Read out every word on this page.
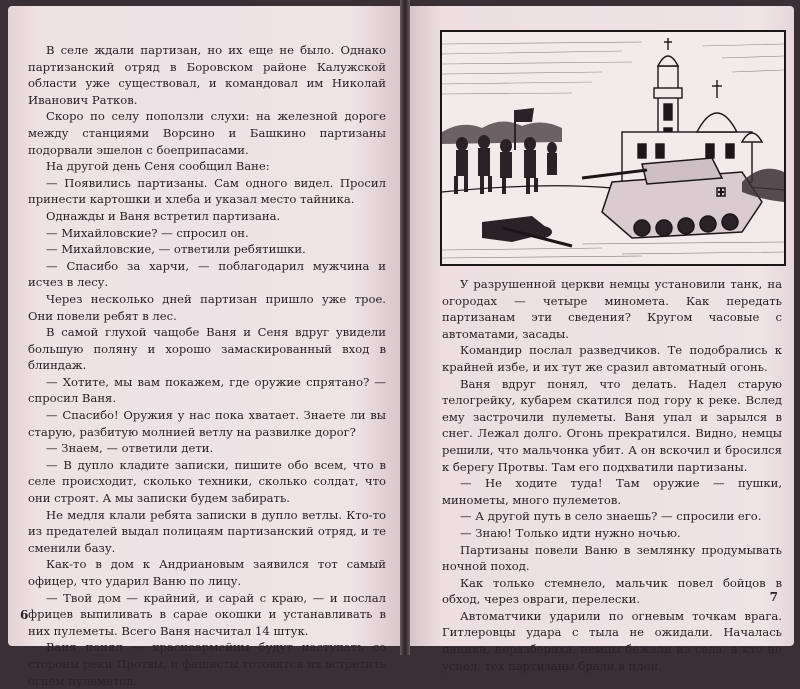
В селе ждали партизан, но их еще не было. Однако партизанский отряд в Боровском районе Калужской области уже существовал, и командовал им Николай Иванович Ратков.

Скоро по селу поползли слухи: на железной дороге между станциями Ворсино и Башкино партизаны подорвали эшелон с боеприпасами.

На другой день Сеня сообщил Ване:

— Появились партизаны. Сам одного видел. Просил принести картошки и хлеба и указал место тайника.

Однажды и Ваня встретил партизана.

— Михайловские? — спросил он.

— Михайловские, — ответили ребятишки.

— Спасибо за харчи, — поблагодарил мужчина и исчез в лесу.

Через несколько дней партизан пришло уже трое. Они повели ребят в лес.

В самой глухой чащобе Ваня и Сеня вдруг увидели большую поляну и хорошо замаскированный вход в блиндаж.

— Хотите, мы вам покажем, где оружие спрятано? — спросил Ваня.

— Спасибо! Оружия у нас пока хватает. Знаете ли вы старую, разбитую молнией ветлу на развилке дорог?

— Знаем, — ответили дети.

— В дупло кладите записки, пишите обо всем, что в селе происходит, сколько техники, сколько солдат, что они строят. А мы записки будем забирать.

Не медля клали ребята записки в дупло ветлы. Кто-то из предателей выдал полицаям партизанский отряд, и те сменили базу.

Как-то в дом к Андриановым заявился тот самый офицер, что ударил Ваню по лицу.

— Твой дом — крайний, и сарай с краю, — и послал фрицев выпиливать в сарае окошки и устанавливать в них пулеметы. Всего Ваня насчитал 14 штук.

Ваня понял — красноармейцы будут наступать со стороны реки Протвы, и фашисты готовятся их встретить огнем пулеметов.

6

У разрушенной церкви немцы установили танк, на огородах — четыре миномета. Как передать партизанам эти сведения? Кругом часовые с автоматами, засады.

Командир послал разведчиков. Те подобрались к крайней избе, и их тут же сразил автоматный огонь.

Ваня вдруг понял, что делать. Надел старую телогрейку, кубарем скатился под гору к реке. Вслед ему застрочили пулеметы. Ваня упал и зарылся в снег. Лежал долго. Огонь прекратился. Видно, немцы решили, что мальчонка убит. А он вскочил и бросился к берегу Протвы. Там его подхватили партизаны.

— Не ходите туда! Там оружие — пушки, минометы, много пулеметов.

— А другой путь в село знаешь? — спросили его.

— Знаю! Только идти нужно ночью.

Партизаны повели Ваню в землянку продумывать ночной поход.

Как только стемнело, мальчик повел бойцов в обход, через овраги, перелески.

Автоматчики ударили по огневым точкам врага. Гитлеровцы удара с тыла не ожидали. Началась паника, неразбериха, немцы бежали из села, а кто не успел, тех партизаны брали в плен.

7
